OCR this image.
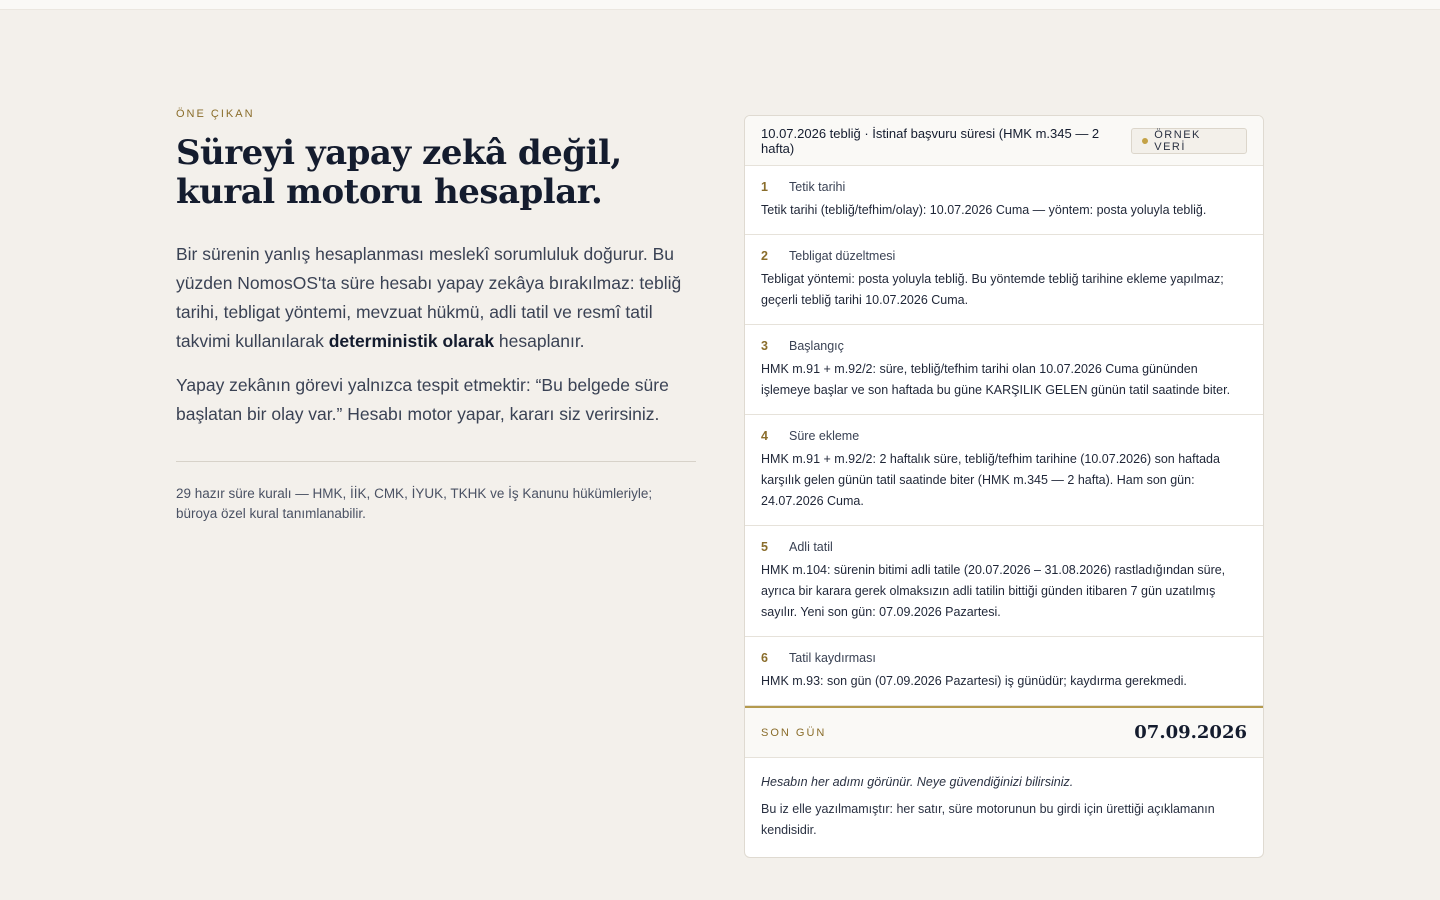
ÖNE ÇIKAN
Süreyi yapay zekâ değil, kural motoru hesaplar.

Bir sürenin yanlış hesaplanması meslekî sorumluluk doğurur. Bu yüzden NomosOS'ta süre hesabı yapay zekâya bırakılmaz: tebliğ tarihi, tebligat yöntemi, mevzuat hükmü, adli tatil ve resmî tatil takvimi kullanılarak deterministik olarak hesaplanır.

Yapay zekânın görevi yalnızca tespit etmektir: “Bu belgede süre başlatan bir olay var.” Hesabı motor yapar, kararı siz verirsiniz.

29 hazır süre kuralı — HMK, İİK, CMK, İYUK, TKHK ve İş Kanunu hükümleriyle; büroya özel kural tanımlanabilir.

10.07.2026 tebliğ · İstinaf başvuru süresi (HMK m.345 — 2 hafta)
ÖRNEK VERİ
1	Tetik tarihi
Tetik tarihi (tebliğ/tefhim/olay): 10.07.2026 Cuma — yöntem: posta yoluyla tebliğ.
2	Tebligat düzeltmesi
Tebligat yöntemi: posta yoluyla tebliğ. Bu yöntemde tebliğ tarihine ekleme yapılmaz; geçerli tebliğ tarihi 10.07.2026 Cuma.
3	Başlangıç
HMK m.91 + m.92/2: süre, tebliğ/tefhim tarihi olan 10.07.2026 Cuma gününden işlemeye başlar ve son haftada bu güne KARŞILIK GELEN günün tatil saatinde biter.
4	Süre ekleme
HMK m.91 + m.92/2: 2 haftalık süre, tebliğ/tefhim tarihine (10.07.2026) son haftada karşılık gelen günün tatil saatinde biter (HMK m.345 — 2 hafta). Ham son gün: 24.07.2026 Cuma.
5	Adli tatil
HMK m.104: sürenin bitimi adli tatile (20.07.2026 – 31.08.2026) rastladığından süre, ayrıca bir karara gerek olmaksızın adli tatilin bittiği günden itibaren 7 gün uzatılmış sayılır. Yeni son gün: 07.09.2026 Pazartesi.
6	Tatil kaydırması
HMK m.93: son gün (07.09.2026 Pazartesi) iş günüdür; kaydırma gerekmedi.
SON GÜN	07.09.2026

Hesabın her adımı görünür. Neye güvendiğinizi bilirsiniz.

Bu iz elle yazılmamıştır: her satır, süre motorunun bu girdi için ürettiği açıklamanın kendisidir.
